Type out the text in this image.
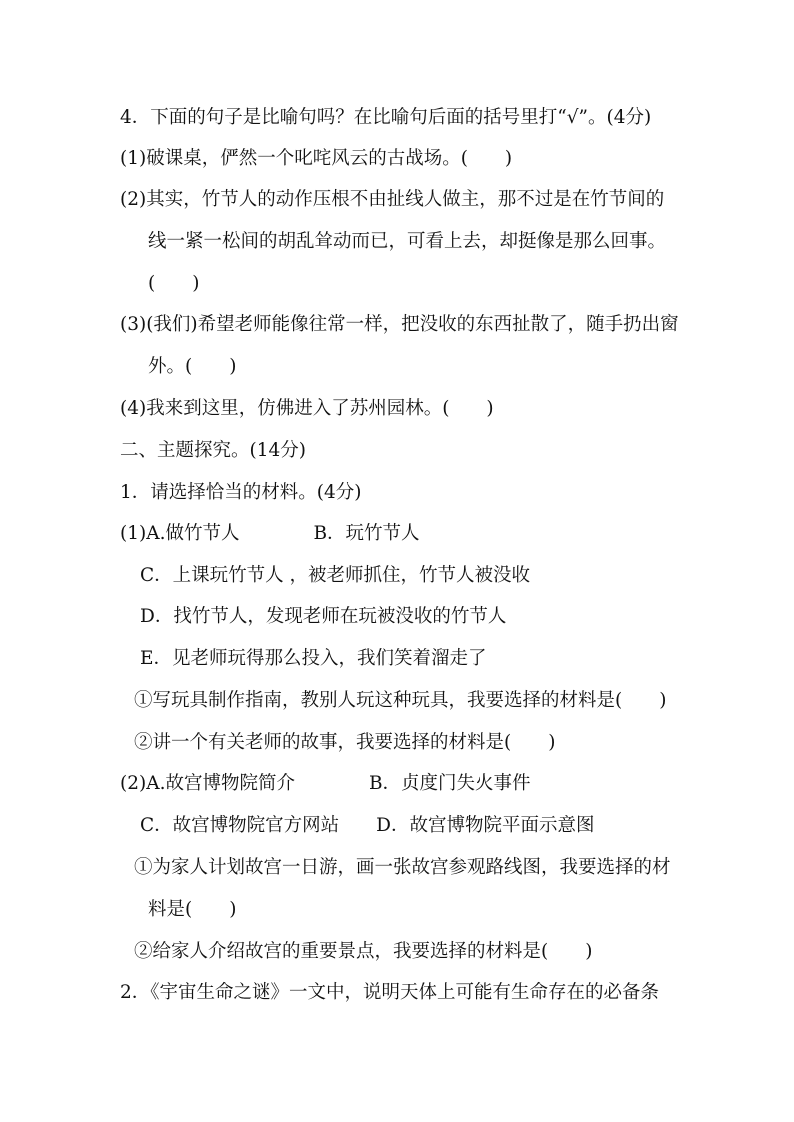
4．下面的句子是比喻句吗？在比喻句后面的括号里打“√”。(4分)
(1)破课桌，俨然一个叱咤风云的古战场。(　　)
(2)其实，竹节人的动作压根不由扯线人做主，那不过是在竹节间的
线一紧一松间的胡乱耸动而已，可看上去，却挺像是那么回事。
(　　)
(3)(我们)希望老师能像往常一样，把没收的东西扯散了，随手扔出窗
外。(　　)
(4)我来到这里，仿佛进入了苏州园林。(　　)
二、主题探究。(14分)
1．请选择恰当的材料。(4分)
(1)A.做竹节人　　　　B．玩竹节人
C．上课玩竹节人 ，被老师抓住，竹节人被没收
D．找竹节人，发现老师在玩被没收的竹节人
E．见老师玩得那么投入，我们笑着溜走了
①写玩具制作指南，教别人玩这种玩具，我要选择的材料是(　　)
②讲一个有关老师的故事，我要选择的材料是(　　)
(2)A.故宫博物院简介　　　　B．贞度门失火事件
C．故宫博物院官方网站　　D．故宫博物院平面示意图
①为家人计划故宫一日游，画一张故宫参观路线图，我要选择的材
料是(　　)
②给家人介绍故宫的重要景点，我要选择的材料是(　　)
2．《宇宙生命之谜》一文中，说明天体上可能有生命存在的必备条
